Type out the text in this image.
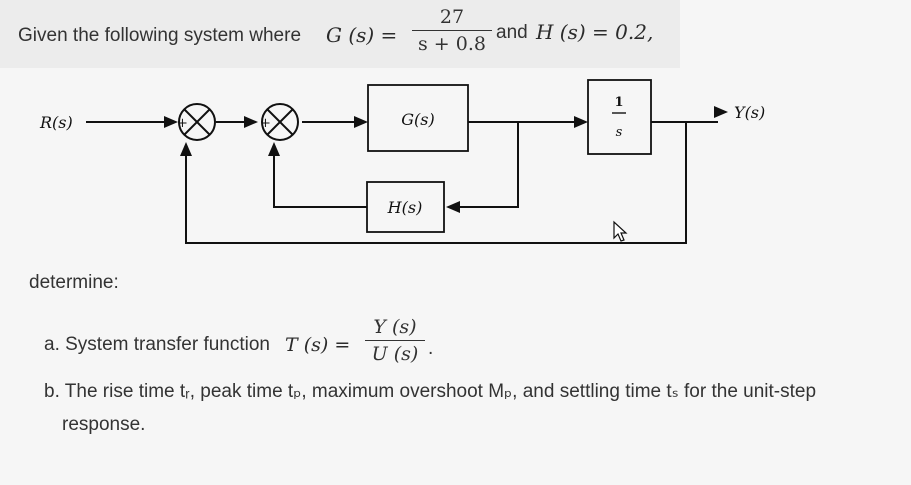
Given the following system where G (s) =
27
s + 0.8
and H (s) = 0.2,
+	+	G(s)
H(s)
1
s
R(s)
Y(s)
determine:
a. System transfer function T (s) =
Y (s)
U (s) .
b. The rise time tᵣ, peak time tₚ, maximum overshoot Mₚ, and settling time tₛ for the unit-step
response.
